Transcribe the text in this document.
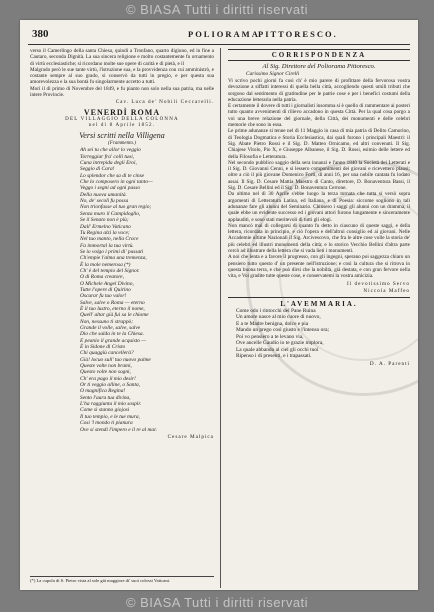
© BIASA Tutti i diritti riservati
380	POLIORAMA
PITTORESCO.

verso il Camerlingo della santa Chiesa, quindi a Tronfano, quarto digiuno, ed in fine a Cautaro, seconda Dignità. La sua sincera religione e molto costantemente fu ornamento di virtù ecclesiastiche; si ricordano molte sue opere di carità e di pietà, e il

Malgrado però le sue tante virtù, l'istruzione sua, e la provvidenza con cui amministrò, e costante sempre al suo grado, si conservò da tutti in pregio, e per questa sua amorevolezza e la sua bontà fu singolarmente accetto a tutti.

Morì il dì primo di Novembre del 1849, e fu pianto non solo nella sua patria, ma nelle intere Provincie.

Cav. Luca de' Nobili Ceccarelli.

VENERDÌ ROMA
DEL VILLAGGIO DELLA COLONNA
nel dì 8 Aprile 1852.
Versi scritti nella Villigena
(Frammento.)
Ah sei tu che allor lo veggio
Torreggiar fra' colli tuoi,
Cuna intrepida degli Eroi,
Seggio di Cara!
Lo splendor che sa di te cinse
Che lo composero in ogni tanto—
Veggo i segni ad ogni passo
Della nuova umanità.
No, de' secoli fu possa
Non trionfasse al tuo gran regio;
Senza muro il Campidoglio,
Se il Senato non è più;
Dall' Ermelno Vaticano
Tu Regina alzi la voce;
Nel tuo manto, nella Croce
Fa immortal la tua virtù.
Se io volgo i primi di' passati
Ch'empie l'alma una tremenza,
È la mole nemerosa (*)
Ch' è del tempio del Signor.
O di Roma creatore,
O Michele Angel Divino,
Tutte l'opere di Quirino
Oscurar fu tuo valor!
Salve, salve o Roma — eterno
È il tuo lustro, eterno il nome,
Quell' altar già fui sa le chiome
Non, nessuno ti strappò;
Grande il volle, salve, salve
Dio che salda in te la Chiesa.
E peanio il grande acquisto —
È in Sidone di Cristo
Chi quaggiù cancellerà?
Già! locuo sull' tuo nuovo palme
Queste volte non brami,
Questo volte non sogni,
Ch' era pago il mio desir!
Or ti veggio alline, o Santa,
O magnifica Regina!
Sento l'aura tua divina,
L'ha raggiunta il mio sospir.
Come sì stanno giojosi
Il tuo tempio, e le tue mura,
Cosi 'l mondo ti pianura
Ove si stendi l'impero e il re al mar.

Cesare Malpica

(*) La cupola di S. Pietro vista al sole già maggiore di' suoi colossi Vaticani.
CORRISPONDENZA
Al Sig. Direttore del Poliorama Pittoresco.
Carissimo Signor Cirelli

Vi scrivo pochi giorni fa così ch' è mio parere di profittare della fervorosa vostra devozione a siffatti interessi di quella bella città, accogliendo questi umili tributi che sorgono dal sentimento di gratitudine per le patrie cose e per i benefici costumi della educazione letteraria nella patria.

E certamente il dovere di tutti i giornalisti insomma si è quello di rammentare ai posteri tutto quanto avvenimenti di rilievo accadono in questa Città. Per la qual cosa porgo a voi una breve relazione del giornale, della Città, dei monumenti e delle celebri memorie che sono in essa.

Le prime adunanze si tenne nel dì 11 Maggio in casa di mia patria di Delito Camorino, di Teologia Dogmatica e Storia Ecclesiastica, dai quali furono i principali Maestri: il Sig. Abate Pietro Rossi e il Sig. D. Matteo Ornicamo, ed altri convenuti. Il Sig. Chiajese Vitolo, Pio X, e Giuseppe Albanese, il Sig. D. Rossi, esimio delle lettere ed della Filosofia e Letteratura.

Nel secondo pubblico saggio della sera innanzi e l'anno 1840 la Società dei Letterati e il Sig. D. Giovanni Cenni, e si lessero componimenti dei giovani e ricevettero plausi; oltre a ciò il più giovane Domenico Forti, di anni 16, per una nobile cantata fu lodato assai. Il Sig. D. Cesare Mattia Maestro di Canto, direttore, D. Bonaventura Bassi, il Sig. D. Cesare Bellini ed il Sig. D. Bonaventura Cerrone.

Da ultimo nel dì 30 Aprile s'ebbe luogo la terza tornata che tutta si versò sopra argomenti di Letteratura Latina, ed Italiana, e di Poesia: siccome sogliono in tali adunanze fare gli alunni del Seminario. Chiusero i saggi gli alunni con un dramma, il quale ebbe un evidente successo ed i giovani attori furono lungamente e sinceramente applauditi, e sono stati meritevoli di tutti gli elogi.

Non mancò mai di collegarsi di quanto fu detto in ciascuno di queste saggi, e della lettera, ricordata in principio, e ciò l'opera e dell'altrui consiglio ed ai giovani. Nelle Accademie ultime Nazionali il Sig. Arcivescovo, che fra le altre cose volle la storia de' più celebri ed illustri monumenti della città; e lo storico Vecchio Bellini d'altra parte cercò ad illustrare della lettera che si vada lieti i monumenti.

A noi che lenta e a favore il progresso, con gli ingegni, sperano poi saggezza chiaro un pensiero tutto questo d' un presente nell'istruzione; e così la cultura che si ritrova in questa buona terra, e che può dirsi che la nobiltà, già destata, e con gran fervore nella vita, e Voi gradite tutte queste cose, e conservatemi la vostra amicizia.

Il devotissimo Servo

Niccola Maffeo

L'AVEMMARIA.
Come odo i rintocchi del Pane Ruina
Un amore nasce al mio cuore di nuovo,
E a te Madre benigna, dolce e pia
Mando un prego così giusto e l'intenso ora;
Poi vo pensiero a te levano via,
Ove ancelle Gaudio io te grazie implora,
La quale abbando al ciel gli occhi tuoi
Ripenso i di presenti, e i trapassati.

D. A. Parenti

© BIASA Tutti i diritti riservati
